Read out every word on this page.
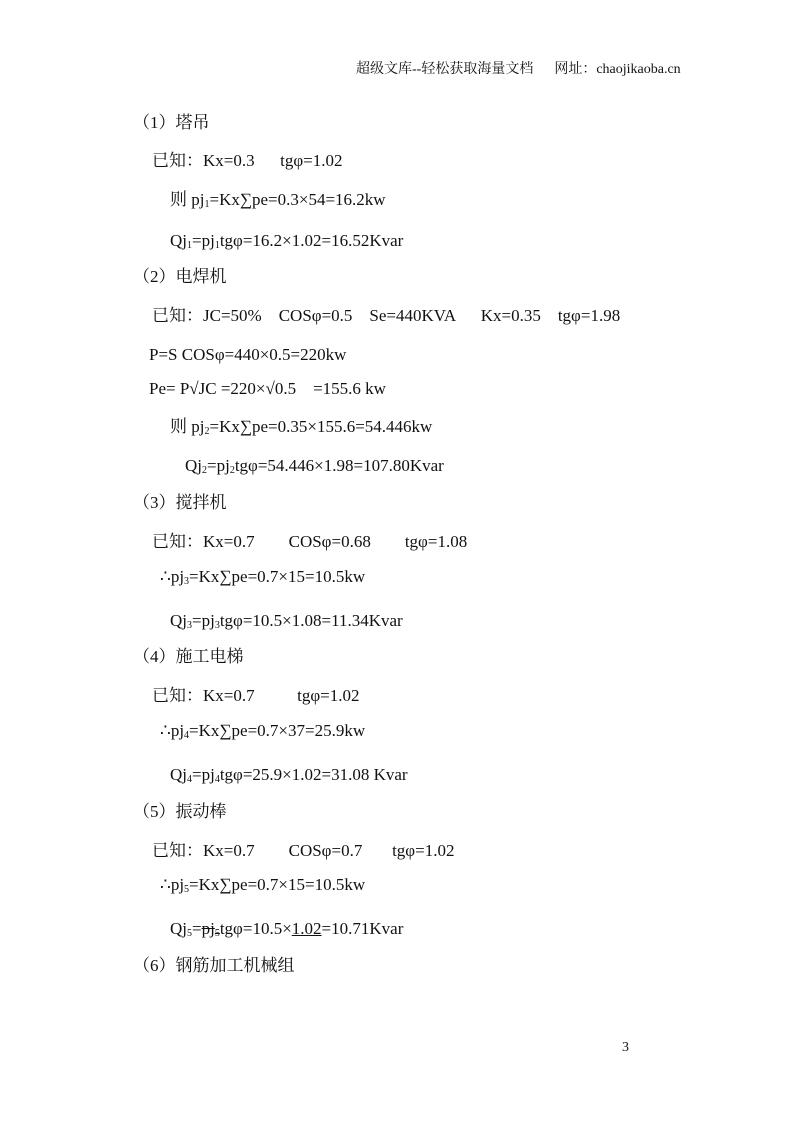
超级文库--轻松获取海量文档 网址：chaojikaoba.cn
（1）塔吊
已知：Kx=0.3      tgφ=1.02
则 $pj_1=Kx\sum pe=0.3\times 54=16.2kw$
$Qj_1=pj_1tg\varphi=16.2\times 1.02=16.52Kvar$
（2）电焊机
已知：JC=50%    COSφ=0.5    Se=440KVA      Kx=0.35    tgφ=1.98
P=S COSφ=440×0.5=220kw
Pe= P√JC =220×√0.5    =155.6 kw
则 $pj_2=Kx\sum pe=0.35\times 155.6=54.446kw$
$Qj_2=pj_2tg\varphi=54.446\times 1.98=107.80Kvar$
（3）搅拌机
已知：Kx=0.7        COSφ=0.68        tgφ=1.08
$\therefore pj_3=Kx\sum pe=0.7\times 15=10.5kw$
$Qj_3=pj_3tg\varphi=10.5\times 1.08=11.34Kvar$
（4）施工电梯
已知：Kx=0.7          tgφ=1.02
$\therefore pj_4=Kx\sum pe=0.7\times 37=25.9kw$
$Qj_4=pj_4tg\varphi=25.9\times 1.02=31.08$ Kvar
（5）振动棒
已知：Kx=0.7        COSφ=0.7       tgφ=1.02
$\therefore pj_5=Kx\sum pe=0.7\times 15=10.5kw$
$Qj_5=pj_5tg\varphi=10.5\times 1.02=10.71Kvar$
（6）钢筋加工机械组
3
